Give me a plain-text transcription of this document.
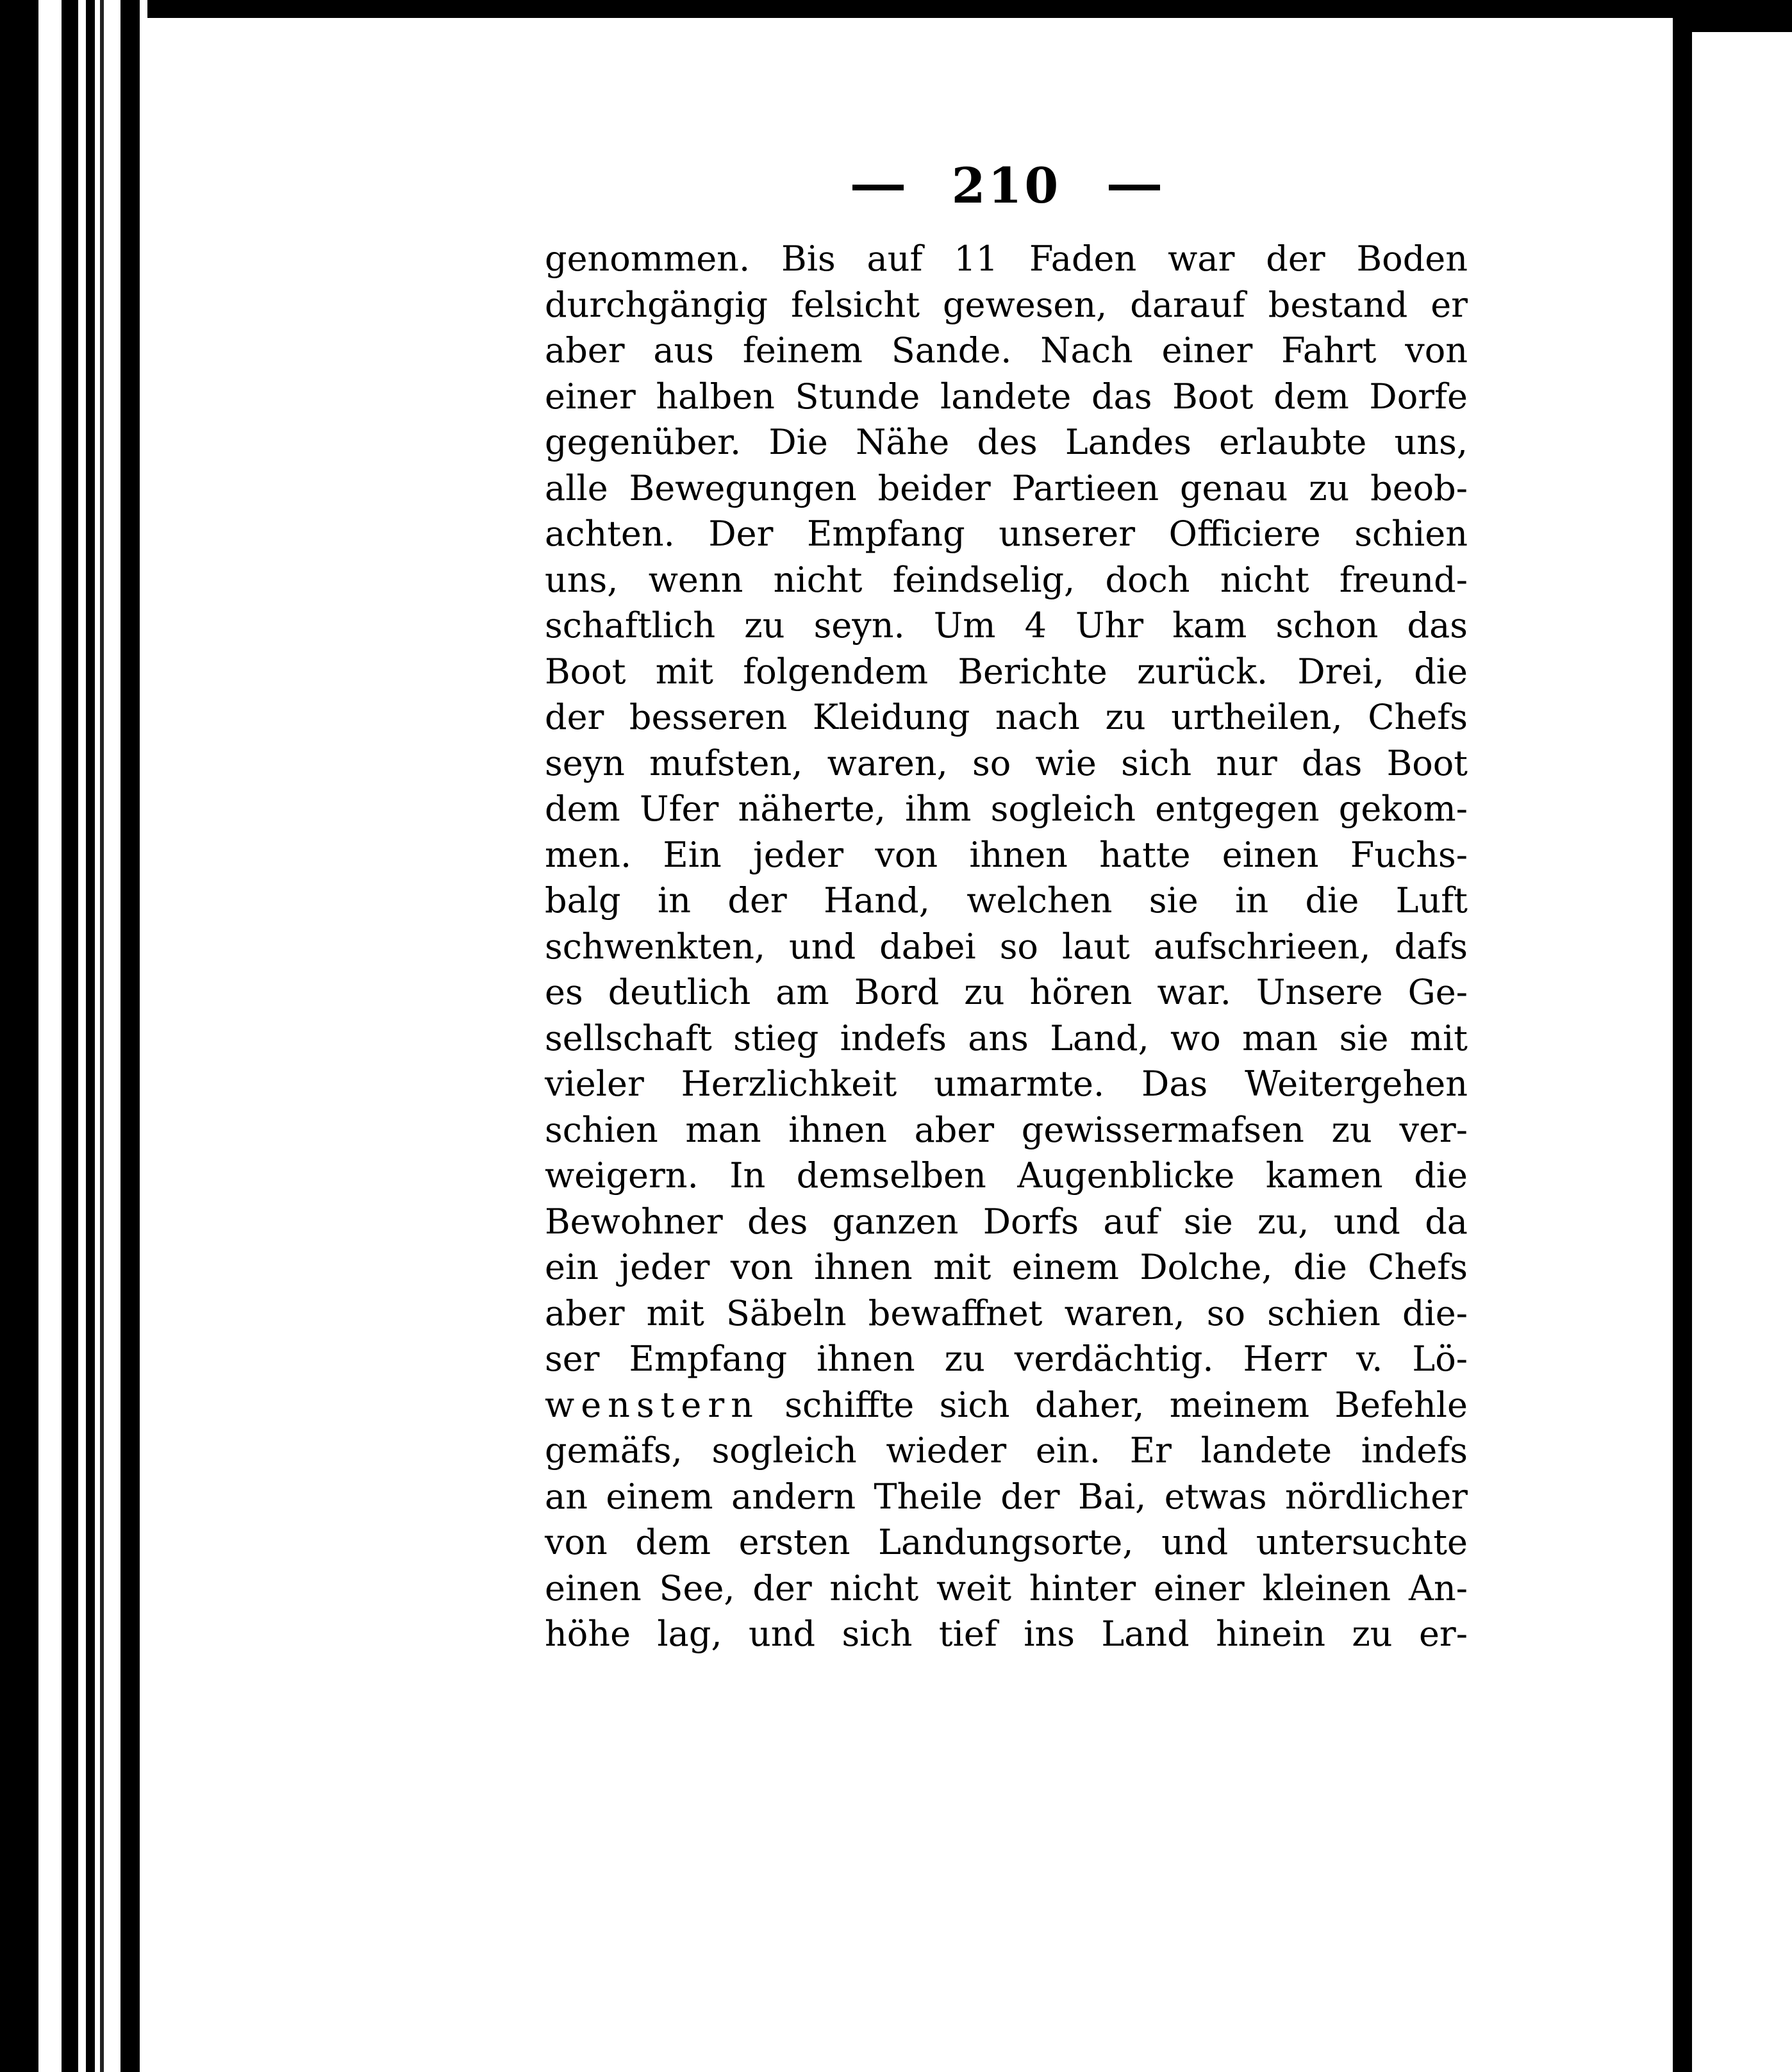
210
genommen. Bis auf 11 Faden war der Boden
durchgängig felsicht gewesen, darauf bestand er
aber aus feinem Sande. Nach einer Fahrt von
einer halben Stunde landete das Boot dem Dorfe
gegenüber. Die Nähe des Landes erlaubte uns,
alle Bewegungen beider Partieen genau zu beob-
achten. Der Empfang unserer Officiere schien
uns, wenn nicht feindselig, doch nicht freund-
schaftlich zu seyn. Um 4 Uhr kam schon das
Boot mit folgendem Berichte zurück. Drei, die
der besseren Kleidung nach zu urtheilen, Chefs
seyn mufsten, waren, so wie sich nur das Boot
dem Ufer näherte, ihm sogleich entgegen gekom-
men. Ein jeder von ihnen hatte einen Fuchs-
balg in der Hand, welchen sie in die Luft
schwenkten, und dabei so laut aufschrieen, dafs
es deutlich am Bord zu hören war. Unsere Ge-
sellschaft stieg indefs ans Land, wo man sie mit
vieler Herzlichkeit umarmte. Das Weitergehen
schien man ihnen aber gewissermafsen zu ver-
weigern. In demselben Augenblicke kamen die
Bewohner des ganzen Dorfs auf sie zu, und da
ein jeder von ihnen mit einem Dolche, die Chefs
aber mit Säbeln bewaffnet waren, so schien die-
ser Empfang ihnen zu verdächtig. Herr v. Lö-
wenstern schiffte sich daher, meinem Befehle
gemäfs, sogleich wieder ein. Er landete indefs
an einem andern Theile der Bai, etwas nördlicher
von dem ersten Landungsorte, und untersuchte
einen See, der nicht weit hinter einer kleinen An-
höhe lag, und sich tief ins Land hinein zu er-
